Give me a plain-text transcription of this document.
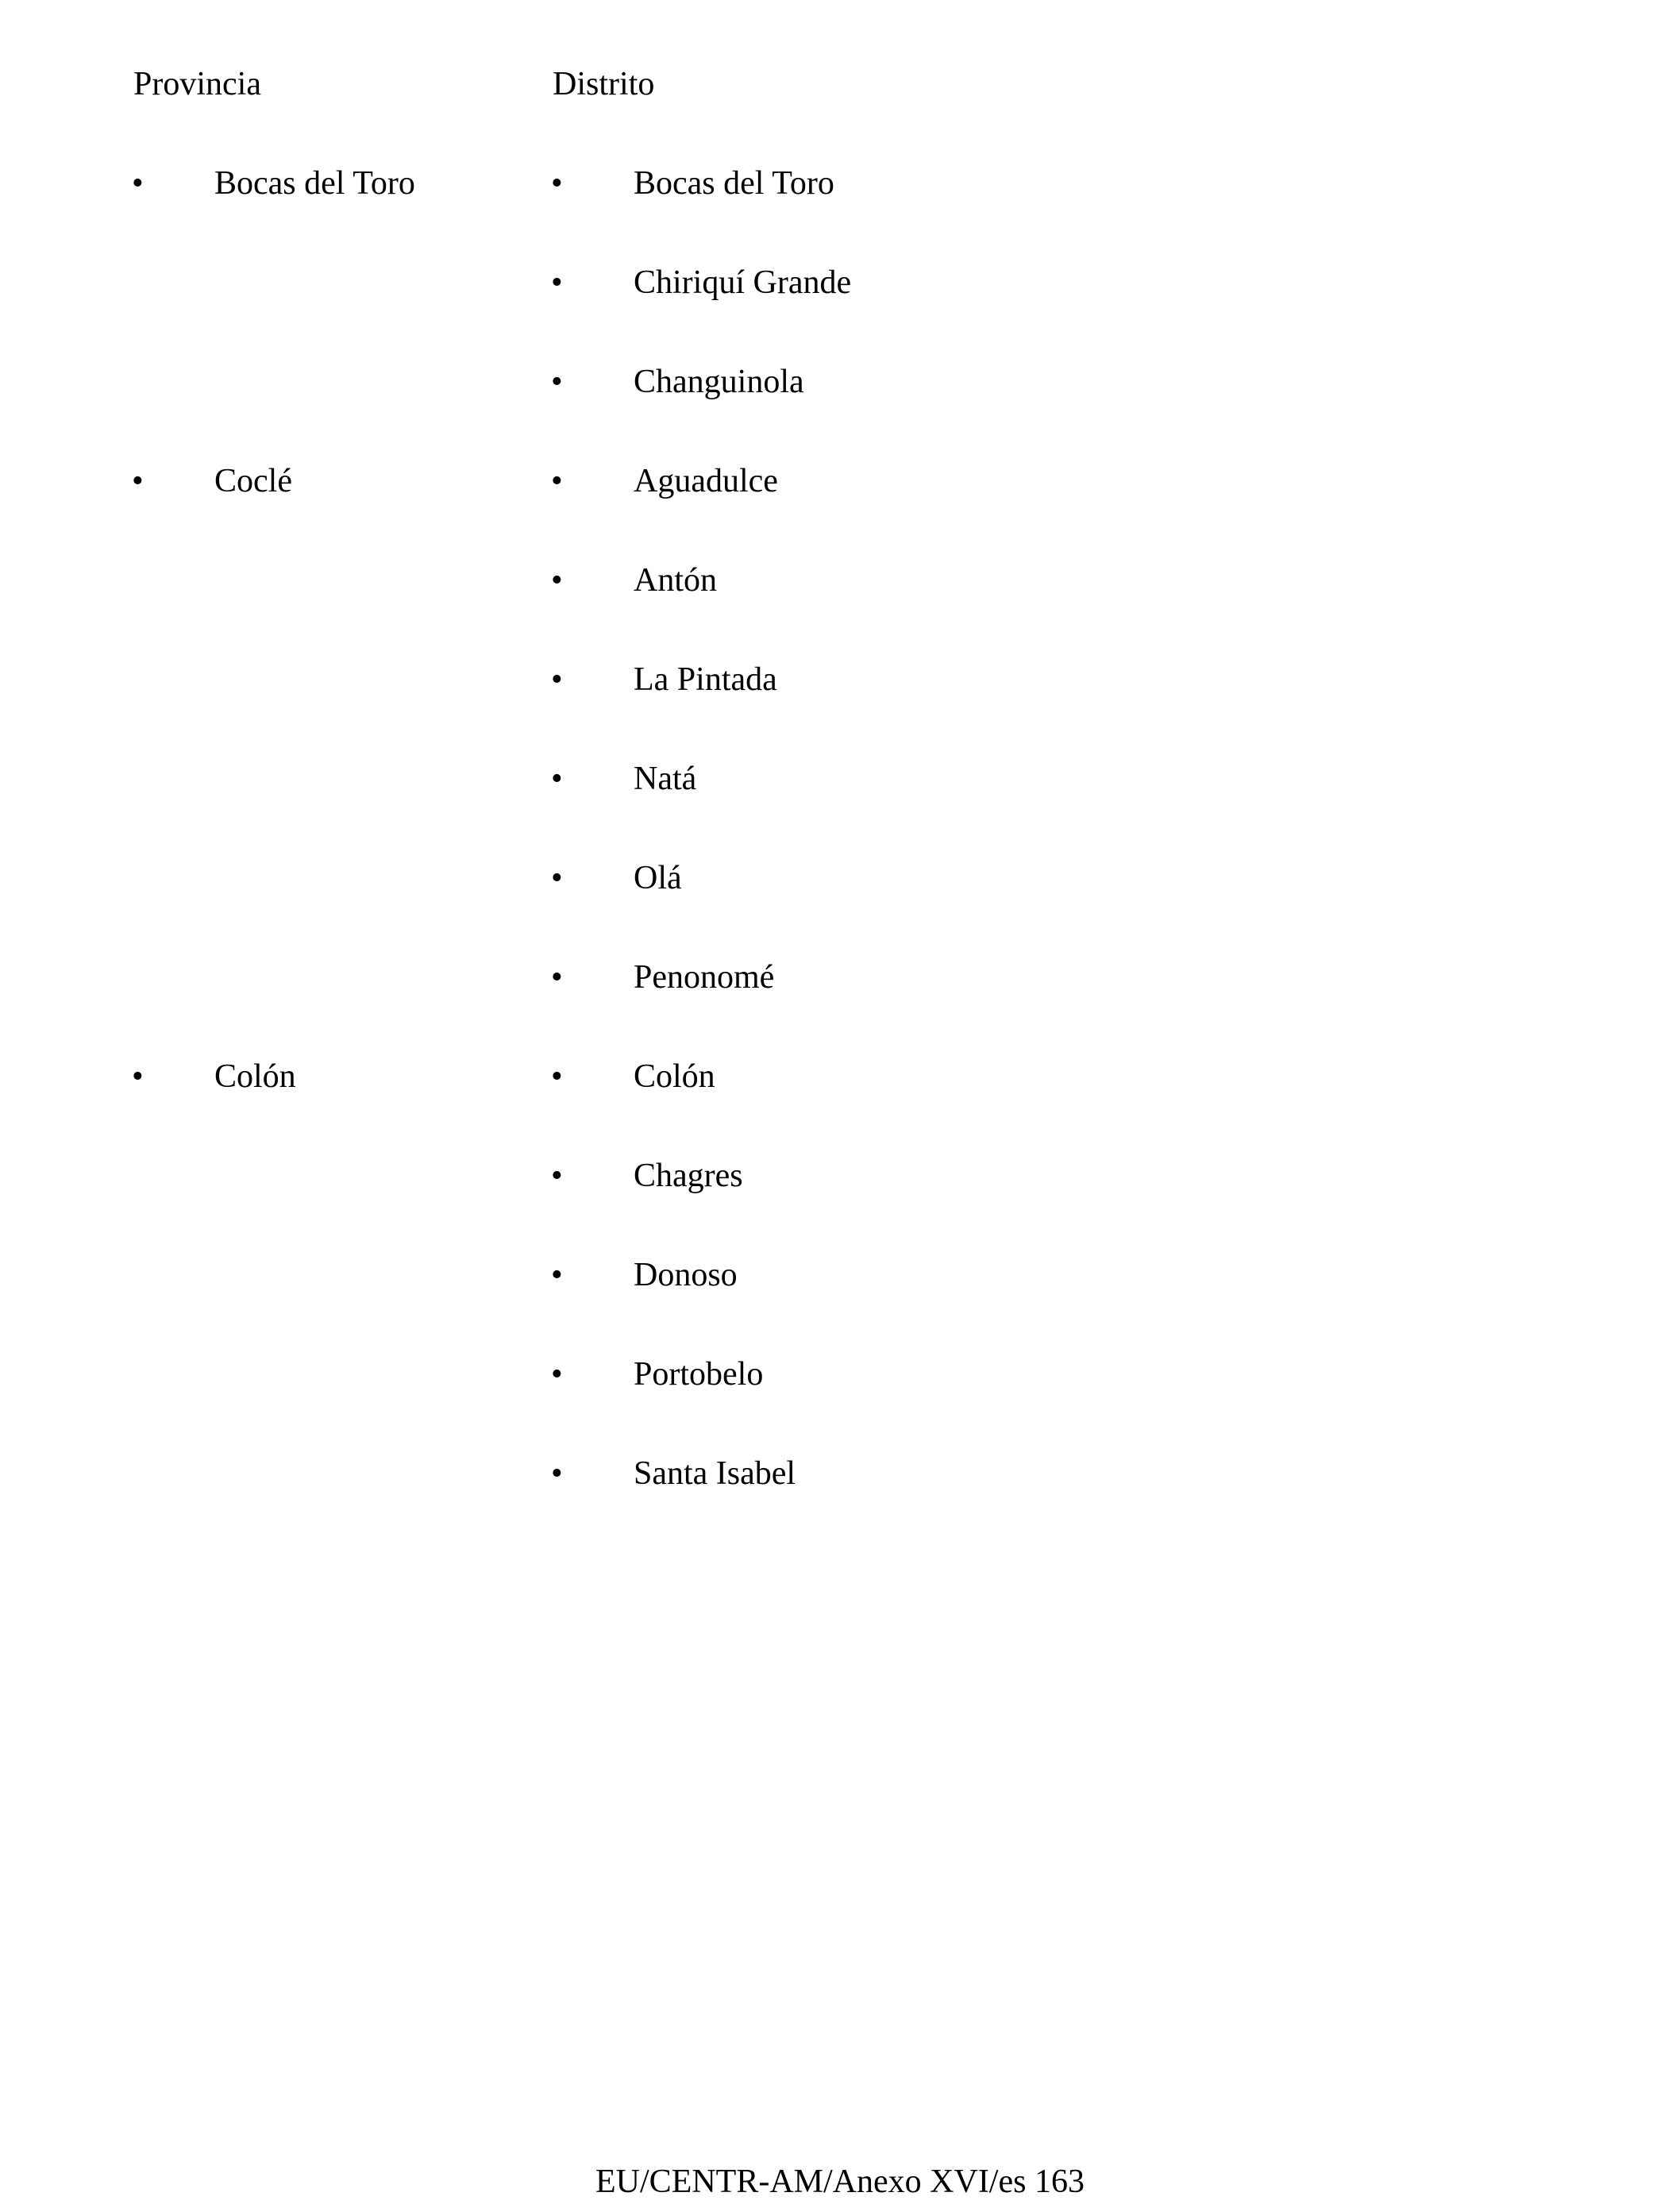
Provincia	Distrito
• Bocas del Toro	• Bocas del Toro
• Chiriquí Grande
• Changuinola
• Coclé	• Aguadulce
• Antón
• La Pintada
• Natá
• Olá
• Penonomé
• Colón	• Colón
• Chagres
• Donoso
• Portobelo
• Santa Isabel
EU/CENTR-AM/Anexo XVI/es 163
